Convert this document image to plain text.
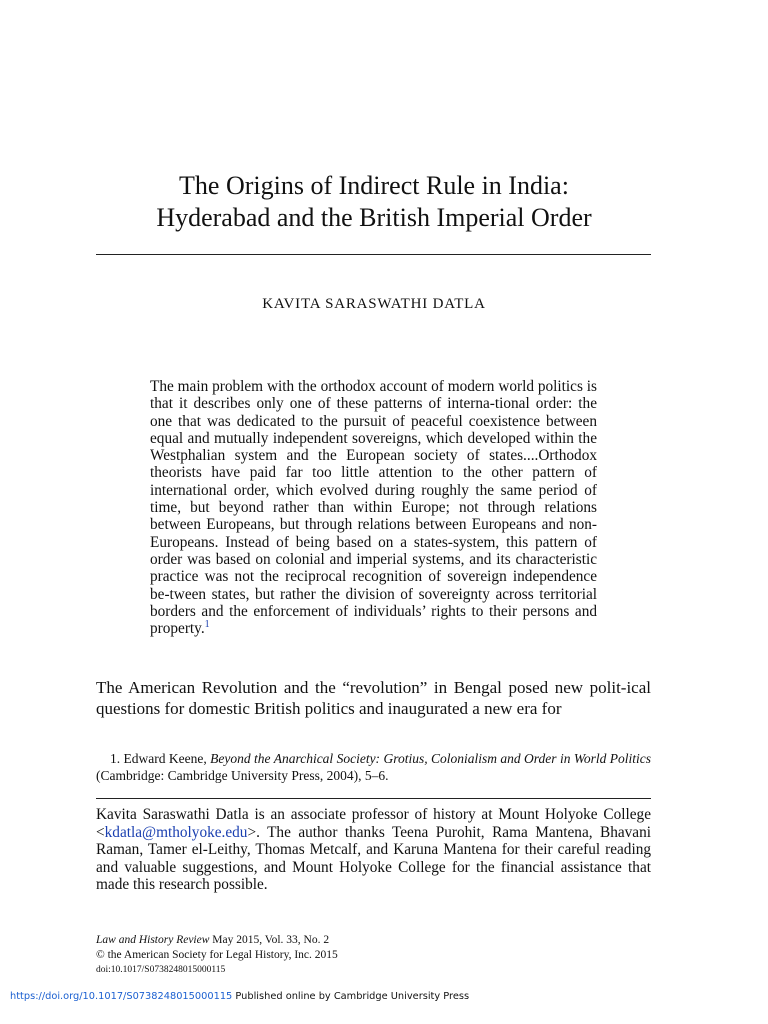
The Origins of Indirect Rule in India:
Hyderabad and the British Imperial Order
KAVITA SARASWATHI DATLA
The main problem with the orthodox account of modern world politics is that it describes only one of these patterns of interna-tional order: the one that was dedicated to the pursuit of peaceful coexistence between equal and mutually independent sovereigns, which developed within the Westphalian system and the European society of states....Orthodox theorists have paid far too little attention to the other pattern of international order, which evolved during roughly the same period of time, but beyond rather than within Europe; not through relations between Europeans, but through relations between Europeans and non-Europeans. Instead of being based on a states-system, this pattern of order was based on colonial and imperial systems, and its characteristic practice was not the reciprocal recognition of sovereign independence be-tween states, but rather the division of sovereignty across territorial borders and the enforcement of individuals’ rights to their persons and property.$^1$
The American Revolution and the “revolution” in Bengal posed new polit-ical questions for domestic British politics and inaugurated a new era for
1. Edward Keene, Beyond the Anarchical Society: Grotius, Colonialism and Order in World Politics (Cambridge: Cambridge University Press, 2004), 5–6.
Kavita Saraswathi Datla is an associate professor of history at Mount Holyoke College <kdatla@mtholyoke.edu>. The author thanks Teena Purohit, Rama Mantena, Bhavani Raman, Tamer el-Leithy, Thomas Metcalf, and Karuna Mantena for their careful reading and valuable suggestions, and Mount Holyoke College for the financial assistance that made this research possible.
Law and History Review May 2015, Vol. 33, No. 2
© the American Society for Legal History, Inc. 2015
doi:10.1017/S0738248015000115
https://doi.org/10.1017/S0738248015000115 Published online by Cambridge University Press
